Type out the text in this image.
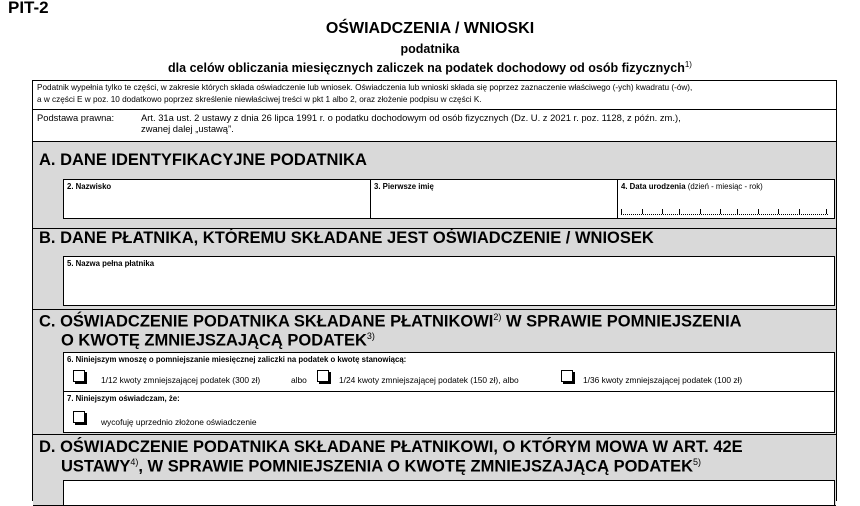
PIT-2
OŚWIADCZENIA / WNIOSKI
podatnika
dla celów obliczania miesięcznych zaliczek na podatek dochodowy od osób fizycznych$^{1)}$
Podatnik wypełnia tylko te części, w zakresie których składa oświadczenie lub wniosek. Oświadczenia lub wnioski składa się poprzez zaznaczenie właściwego (-ych) kwadratu (-ów),
a w części E w poz. 10 dodatkowo poprzez skreślenie niewłaściwej treści w pkt 1 albo 2, oraz złożenie podpisu w części K.
Podstawa prawna:	Art. 31a ust. 2 ustawy z dnia 26 lipca 1991 r. o podatku dochodowym od osób fizycznych (Dz. U. z 2021 r. poz. 1128, z późn. zm.),
zwanej dalej „ustawą”.
A. DANE IDENTYFIKACYJNE PODATNIKA
2. Nazwisko	3. Pierwsze imię	4. Data urodzenia (dzień - miesiąc - rok)
B. DANE PŁATNIKA, KTÓREMU SKŁADANE JEST OŚWIADCZENIE / WNIOSEK
5. Nazwa pełna płatnika
C. OŚWIADCZENIE PODATNIKA SKŁADANE PŁATNIKOWI$^{2)}$ W SPRAWIE POMNIEJSZENIA
O KWOTĘ ZMNIEJSZAJĄCĄ PODATEK$^{3)}$
6. Niniejszym wnoszę o pomniejszanie miesięcznej zaliczki na podatek o kwotę stanowiącą:
1/12 kwoty zmniejszającej podatek (300 zł)	albo	1/24 kwoty zmniejszającej podatek (150 zł), albo	1/36 kwoty zmniejszającej podatek (100 zł)
7. Niniejszym oświadczam, że:
wycofuję uprzednio złożone oświadczenie
D. OŚWIADCZENIE PODATNIKA SKŁADANE PŁATNIKOWI, O KTÓRYM MOWA W ART. 42E
USTAWY$^{4)}$, W SPRAWIE POMNIEJSZENIA O KWOTĘ ZMNIEJSZAJĄCĄ PODATEK$^{5)}$
